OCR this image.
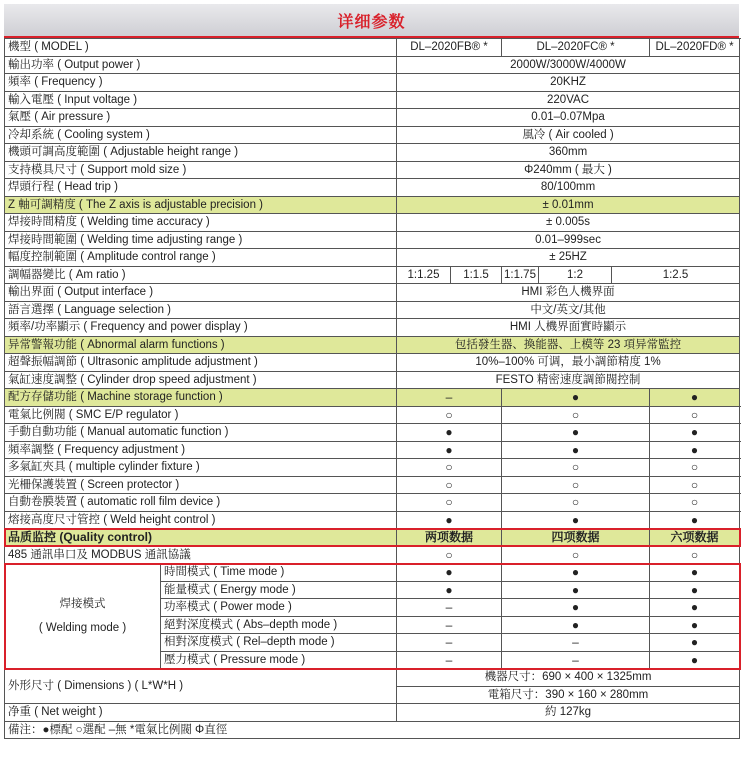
详细参数
機型 ( MODEL )		DL–2020FB® *		DL–2020FC® *			DL–2020FD® *
輸出功率 ( Output power )		2000W/3000W/4000W					
頻率 ( Frequency )		20KHZ					
輸入電壓 ( Input voltage )		220VAC					
氣壓 ( Air pressure )		0.01–0.07Mpa					
冷却系統 ( Cooling system )		風冷 ( Air cooled )					
機頭可調高度範圍 ( Adjustable height range )		360mm					
支持模具尺寸 ( Support mold size )		Φ240mm ( 最大 )					
焊頭行程 ( Head trip )		80/100mm					
Z 軸可調精度 ( The Z axis is adjustable precision )		± 0.01mm					
焊接時間精度 ( Welding time accuracy )		± 0.005s					
焊接時間範圍 ( Welding time adjusting range )		0.01–999sec					
幅度控制範圍 ( Amplitude control range )		± 25HZ					
調幅器變比 ( Am ratio )		1:1.25	1:1.5	1:1.75	1:2	1:2.5	
輸出界面 ( Output interface )		HMI 彩色人機界面					
語言選擇 ( Language selection )		中文/英文/其他					
頻率/功率顯示 ( Frequency and power display )		HMI 人機界面實時顯示					
异常警報功能 ( Abnormal alarm functions )		包括發生器、換能器、上模等 23 項异常監控					
超聲振幅調節 ( Ultrasonic amplitude adjustment )		10%–100% 可调，最小調節精度 1%					
氣缸速度調整 ( Cylinder drop speed adjustment )		FESTO 精密速度調節閥控制					
配方存儲功能 ( Machine storage function )		–		●			●
電氣比例閥 ( SMC E/P regulator )		○		○			○
手動自動功能 ( Manual automatic function )		●		●			●
頻率調整 ( Frequency adjustment )		●		●			●
多氣缸夾具 ( multiple cylinder fixture )		○		○			○
光柵保護裝置 ( Screen protector )		○		○			○
自動卷膜裝置 ( automatic roll film device )		○		○			○
熔接高度尺寸管控 ( Weld height control )		●		●			●
品质监控 (Quality control)		两项数据		四项数据			六项数据
485 通訊串口及 MODBUS 通訊協議		○		○			○

焊接模式
( Welding mode )	時間模式 ( Time mode )	●		●			●
	能量模式 ( Energy mode )	●		●			●
	功率模式 ( Power mode )	–		●			●
	絕對深度模式 ( Abs–depth mode )	–		●			●
	相對深度模式 ( Rel–depth mode )	–		–			●
	壓力模式 ( Pressure mode )	–		–			●
外形尺寸 ( Dimensions ) ( L*W*H )		機器尺寸：690 × 400 × 1325mm					
		電箱尺寸：390 × 160 × 280mm					
净重 ( Net weight )		約 127kg					
備注：●標配 ○選配 –無 *電氣比例閥 Φ直徑							
